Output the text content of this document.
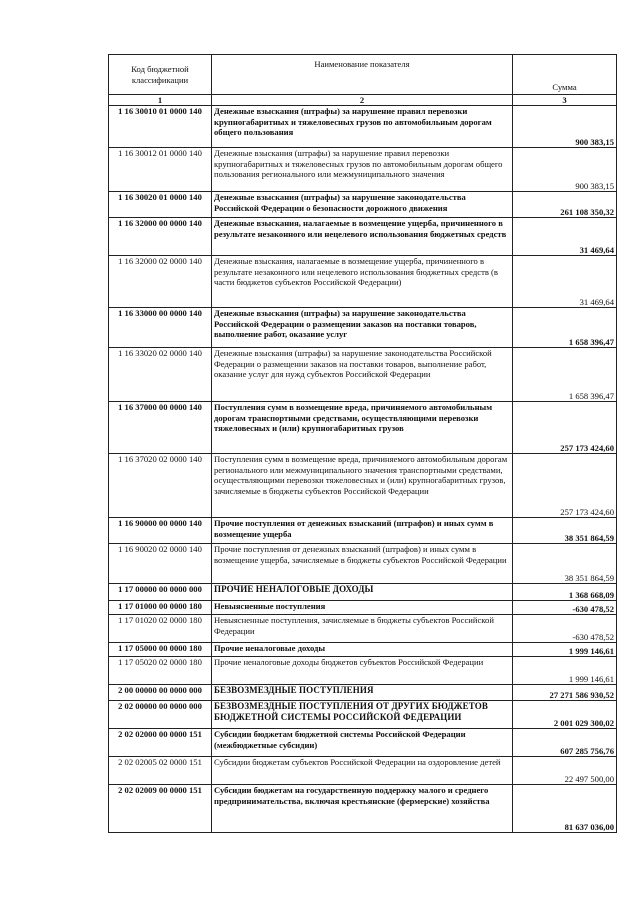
Код бюджетной классификации	Наименование показателя	Сумма
1	2	3
1 16 30010 01 0000 140	Денежные взыскания (штрафы) за нарушение правил перевозки крупногабаритных и тяжеловесных грузов по автомобильным дорогам общего пользования	900 383,15
1 16 30012 01 0000 140	Денежные взыскания (штрафы) за нарушение правил перевозки крупногабаритных и тяжеловесных грузов по автомобильным дорогам общего пользования регионального или межмуниципального значения	900 383,15
1 16 30020 01 0000 140	Денежные взыскания (штрафы) за нарушение законодательства Российской Федерации о безопасности дорожного движения	261 108 350,32
1 16 32000 00 0000 140	Денежные взыскания, налагаемые в возмещение ущерба, причиненного в результате незаконного или нецелевого использования бюджетных средств	31 469,64
1 16 32000 02 0000 140	Денежные взыскания, налагаемые в возмещение ущерба, причиненного в результате незаконного или нецелевого использования бюджетных средств (в части бюджетов субъектов Российской Федерации)	31 469,64
1 16 33000 00 0000 140	Денежные взыскания (штрафы) за нарушение законодательства Российской Федерации о размещении заказов на поставки товаров, выполнение работ, оказание услуг	1 658 396,47
1 16 33020 02 0000 140	Денежные взыскания (штрафы) за нарушение законодательства Российской Федерации о размещении заказов на поставки товаров, выполнение работ, оказание услуг для нужд субъектов Российской Федерации	1 658 396,47
1 16 37000 00 0000 140	Поступления сумм в возмещение вреда, причиняемого автомобильным дорогам транспортными средствами, осуществляющими перевозки тяжеловесных и (или) крупногабаритных грузов	257 173 424,60
1 16 37020 02 0000 140	Поступления сумм в возмещение вреда, причиняемого автомобильным дорогам регионального или межмуниципального значения транспортными средствами, осуществляющими перевозки тяжеловесных и (или) крупногабаритных грузов, зачисляемые в бюджеты субъектов Российской Федерации	257 173 424,60
1 16 90000 00 0000 140	Прочие поступления от денежных взысканий (штрафов) и иных сумм в возмещение ущерба	38 351 864,59
1 16 90020 02 0000 140	Прочие поступления от денежных взысканий (штрафов) и иных сумм в возмещение ущерба, зачисляемые в бюджеты субъектов Российской Федерации	38 351 864,59
1 17 00000 00 0000 000	ПРОЧИЕ НЕНАЛОГОВЫЕ ДОХОДЫ	1 368 668,09
1 17 01000 00 0000 180	Невыясненные поступления	-630 478,52
1 17 01020 02 0000 180	Невыясненные поступления, зачисляемые в бюджеты субъектов Российской Федерации	-630 478,52
1 17 05000 00 0000 180	Прочие неналоговые доходы	1 999 146,61
1 17 05020 02 0000 180	Прочие неналоговые доходы бюджетов субъектов Российской Федерации	1 999 146,61
2 00 00000 00 0000 000	БЕЗВОЗМЕЗДНЫЕ ПОСТУПЛЕНИЯ	27 271 586 930,52
2 02 00000 00 0000 000	БЕЗВОЗМЕЗДНЫЕ ПОСТУПЛЕНИЯ ОТ ДРУГИХ БЮДЖЕТОВ БЮДЖЕТНОЙ СИСТЕМЫ РОССИЙСКОЙ ФЕДЕРАЦИИ	2 001 029 300,02
2 02 02000 00 0000 151	Субсидии бюджетам бюджетной системы Российской Федерации (межбюджетные субсидии)	607 285 756,76
2 02 02005 02 0000 151	Субсидии бюджетам субъектов Российской Федерации на оздоровление детей	22 497 500,00
2 02 02009 00 0000 151	Субсидии бюджетам на государственную поддержку малого и среднего предпринимательства, включая крестьянские (фермерские) хозяйства	81 637 036,00
